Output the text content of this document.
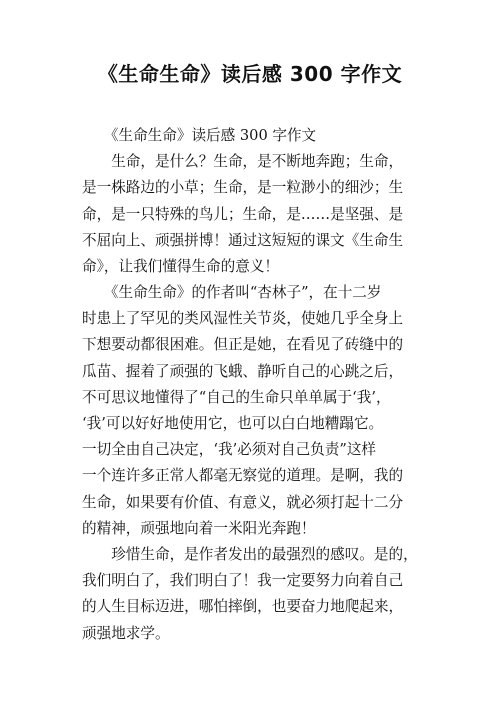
《生命生命》读后感 300 字作文
　　《生命生命》读后感 300 字作文
　　生命，是什么？生命，是不断地奔跑；生命，
是一株路边的小草；生命，是一粒渺小的细沙；生
命，是一只特殊的鸟儿；生命，是……是坚强、是
不屈向上、顽强拼博！通过这短短的课文《生命生
命》，让我们懂得生命的意义！
　　《生命生命》的作者叫“杏林子”，在十二岁
时患上了罕见的类风湿性关节炎，使她几乎全身上
下想要动都很困难。但正是她，在看见了砖缝中的
瓜苗、握着了顽强的飞蛾、静听自己的心跳之后，
不可思议地懂得了“自己的生命只单单属于‘我’，
‘我’可以好好地使用它，也可以白白地糟蹋它。
一切全由自己决定，‘我’必须对自己负责”这样
一个连许多正常人都毫无察觉的道理。是啊，我的
生命，如果要有价值、有意义，就必须打起十二分
的精神，顽强地向着一米阳光奔跑！
　　珍惜生命，是作者发出的最强烈的感叹。是的，
我们明白了，我们明白了！我一定要努力向着自己
的人生目标迈进，哪怕摔倒，也要奋力地爬起来，
顽强地求学。
